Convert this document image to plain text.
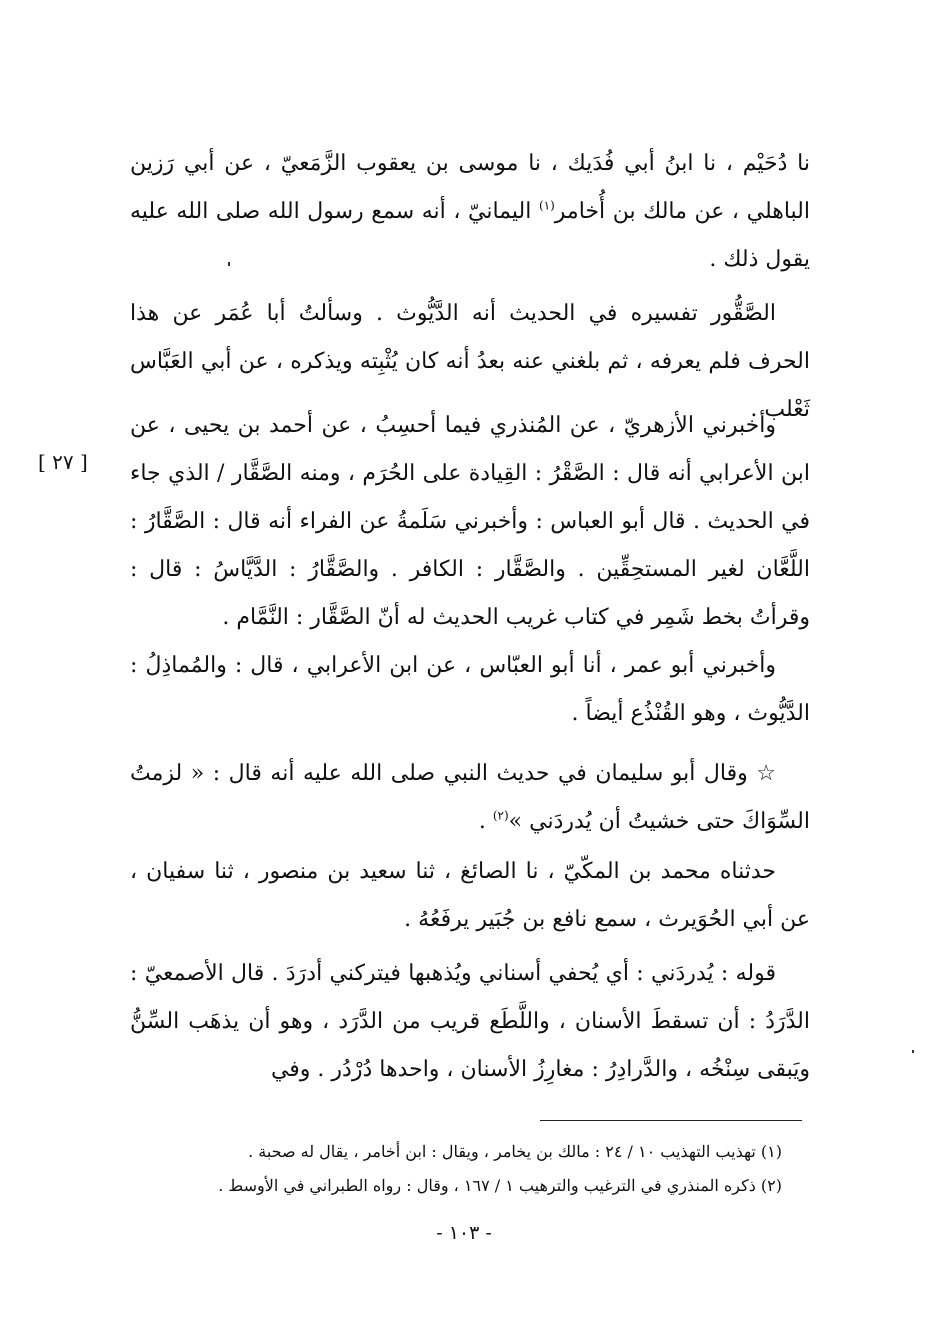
نا دُحَيْم ، نا ابنُ أبي فُدَيك ، نا موسى بن يعقوب الزَّمَعيّ ، عن أبي رَزين الباهلي ، عن مالك بن أُخامر$^{(١)}$ اليمانيّ ، أنه سمع رسول الله صلى الله عليه يقول ذلك .

الصَّقُّور تفسيره في الحديث أنه الدَّيُّوث . وسألتُ أبا عُمَر عن هذا الحرف فلم يعرفه ، ثم بلغني عنه بعدُ أنه كان يُثْبِته ويذكره ، عن أبي العَبَّاس ثَعْلب .

وأخبرني الأزهريّ ، عن المُنذري فيما أحسِبُ ، عن أحمد بن يحيى ، عن ابن الأعرابي أنه قال : الصَّقْرُ : القِيادة على الحُرَم ، ومنه الصَّقَّار / الذي جاء في الحديث . قال أبو العباس : وأخبرني سَلَمةُ عن الفراء أنه قال : الصَّقَّارُ : اللَّعَّان لغير المستحِقِّين . والصَّقَّار : الكافر . والصَّقَّارُ : الدَّيَّاسُ : قال : وقرأتُ بخط شَمِر في كتاب غريب الحديث له أنّ الصَّقَّار : النَّمَّام .

[ ٢٧ ]

وأخبرني أبو عمر ، أنا أبو العبّاس ، عن ابن الأعرابي ، قال : والمُماذِلُ : الدَّيُّوث ، وهو القُنْذُع أيضاً .

☆ وقال أبو سليمان في حديث النبي صلى الله عليه أنه قال : « لزمتُ السِّوَاكَ حتى خشيتُ أن يُدردَني »$^{(٢)}$ .

حدثناه محمد بن المكّيّ ، نا الصائغ ، ثنا سعيد بن منصور ، ثنا سفيان ، عن أبي الحُوَيرث ، سمع نافع بن جُبَير يرفَعُهُ .

قوله : يُدردَني : أي يُحفي أسناني ويُذهبها فيتركني أدرَدَ . قال الأصمعيّ : الدَّرَدُ : أن تسقطَ الأسنان ، واللَّطَع قريب من الدَّرَد ، وهو أن يذهَب السِّنُّ ويَبقى سِنْخُه ، والدَّرادِرُ : مغارِزُ الأسنان ، واحدها دُرْدُر . وفي

(١) تهذيب التهذيب ١٠ / ٢٤ : مالك بن يخامر ، ويقال : ابن أخامر ، يقال له صحبة .

(٢) ذكره المنذري في الترغيب والترهيب ١ / ١٦٧ ، وقال : رواه الطبراني في الأوسط .

- ١٠٣ -
